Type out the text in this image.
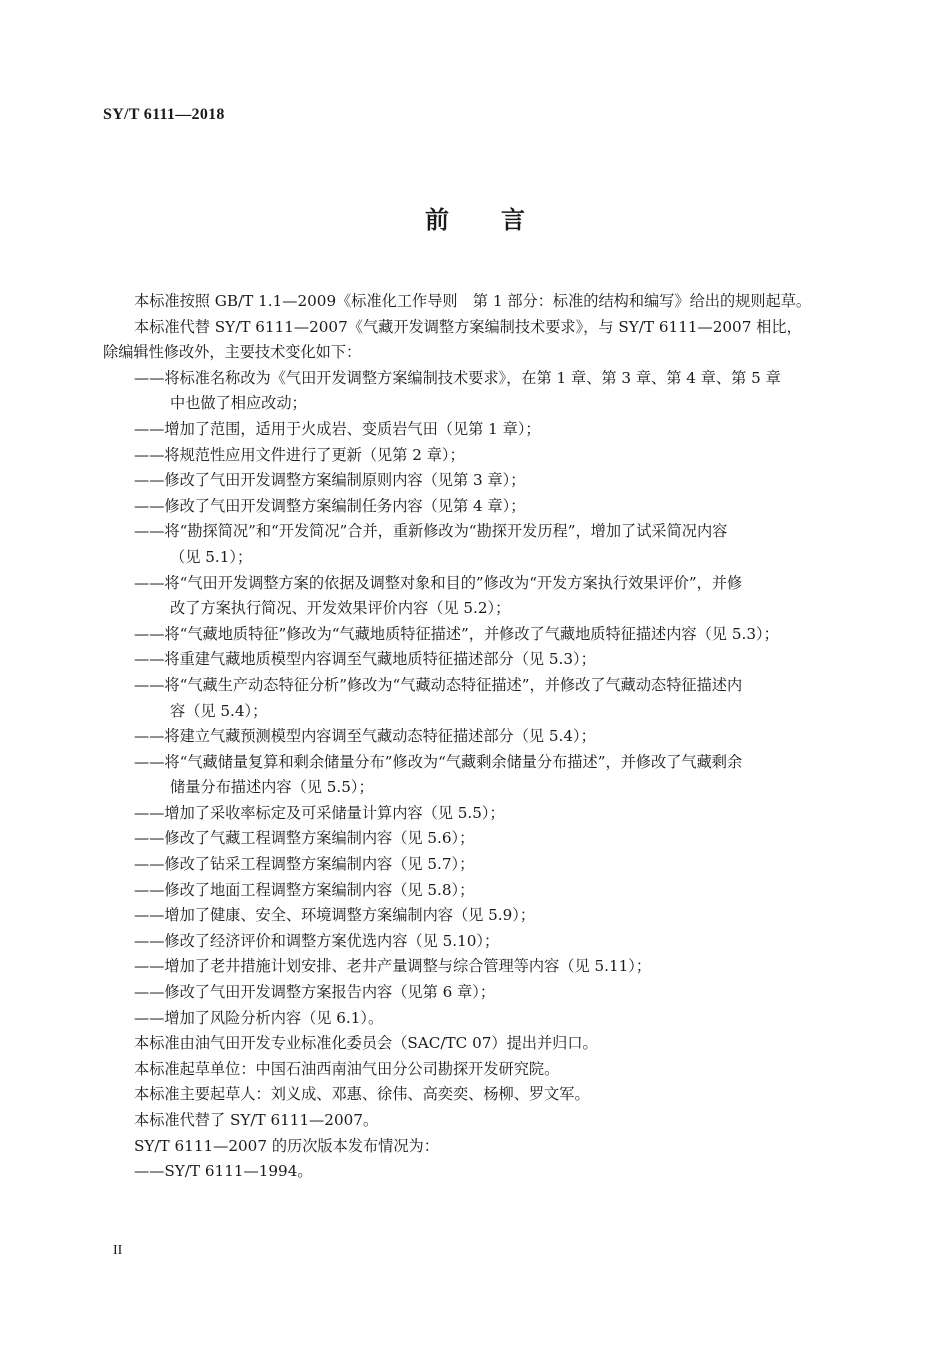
SY/T 6111—2018
前 言
本标准按照 GB/T 1.1—2009《标准化工作导则　第 1 部分：标准的结构和编写》给出的规则起草。
本标准代替 SY/T 6111—2007《气藏开发调整方案编制技术要求》，与 SY/T 6111—2007 相比，
除编辑性修改外，主要技术变化如下：
——将标准名称改为《气田开发调整方案编制技术要求》，在第 1 章、第 3 章、第 4 章、第 5 章
中也做了相应改动；
——增加了范围，适用于火成岩、变质岩气田（见第 1 章）；
——将规范性应用文件进行了更新（见第 2 章）；
——修改了气田开发调整方案编制原则内容（见第 3 章）；
——修改了气田开发调整方案编制任务内容（见第 4 章）；
——将“勘探简况”和“开发简况”合并，重新修改为“勘探开发历程”，增加了试采简况内容
（见 5.1）；
——将“气田开发调整方案的依据及调整对象和目的”修改为“开发方案执行效果评价”，并修
改了方案执行简况、开发效果评价内容（见 5.2）；
——将“气藏地质特征”修改为“气藏地质特征描述”，并修改了气藏地质特征描述内容（见 5.3）；
——将重建气藏地质模型内容调至气藏地质特征描述部分（见 5.3）；
——将“气藏生产动态特征分析”修改为“气藏动态特征描述”，并修改了气藏动态特征描述内
容（见 5.4）；
——将建立气藏预测模型内容调至气藏动态特征描述部分（见 5.4）；
——将“气藏储量复算和剩余储量分布”修改为“气藏剩余储量分布描述”，并修改了气藏剩余
储量分布描述内容（见 5.5）；
——增加了采收率标定及可采储量计算内容（见 5.5）；
——修改了气藏工程调整方案编制内容（见 5.6）；
——修改了钻采工程调整方案编制内容（见 5.7）；
——修改了地面工程调整方案编制内容（见 5.8）；
——增加了健康、安全、环境调整方案编制内容（见 5.9）；
——修改了经济评价和调整方案优选内容（见 5.10）；
——增加了老井措施计划安排、老井产量调整与综合管理等内容（见 5.11）；
——修改了气田开发调整方案报告内容（见第 6 章）；
——增加了风险分析内容（见 6.1）。
本标准由油气田开发专业标准化委员会（SAC/TC 07）提出并归口。
本标准起草单位：中国石油西南油气田分公司勘探开发研究院。
本标准主要起草人：刘义成、邓惠、徐伟、高奕奕、杨柳、罗文军。
本标准代替了 SY/T 6111—2007。
SY/T 6111—2007 的历次版本发布情况为：
——SY/T 6111—1994。
II
